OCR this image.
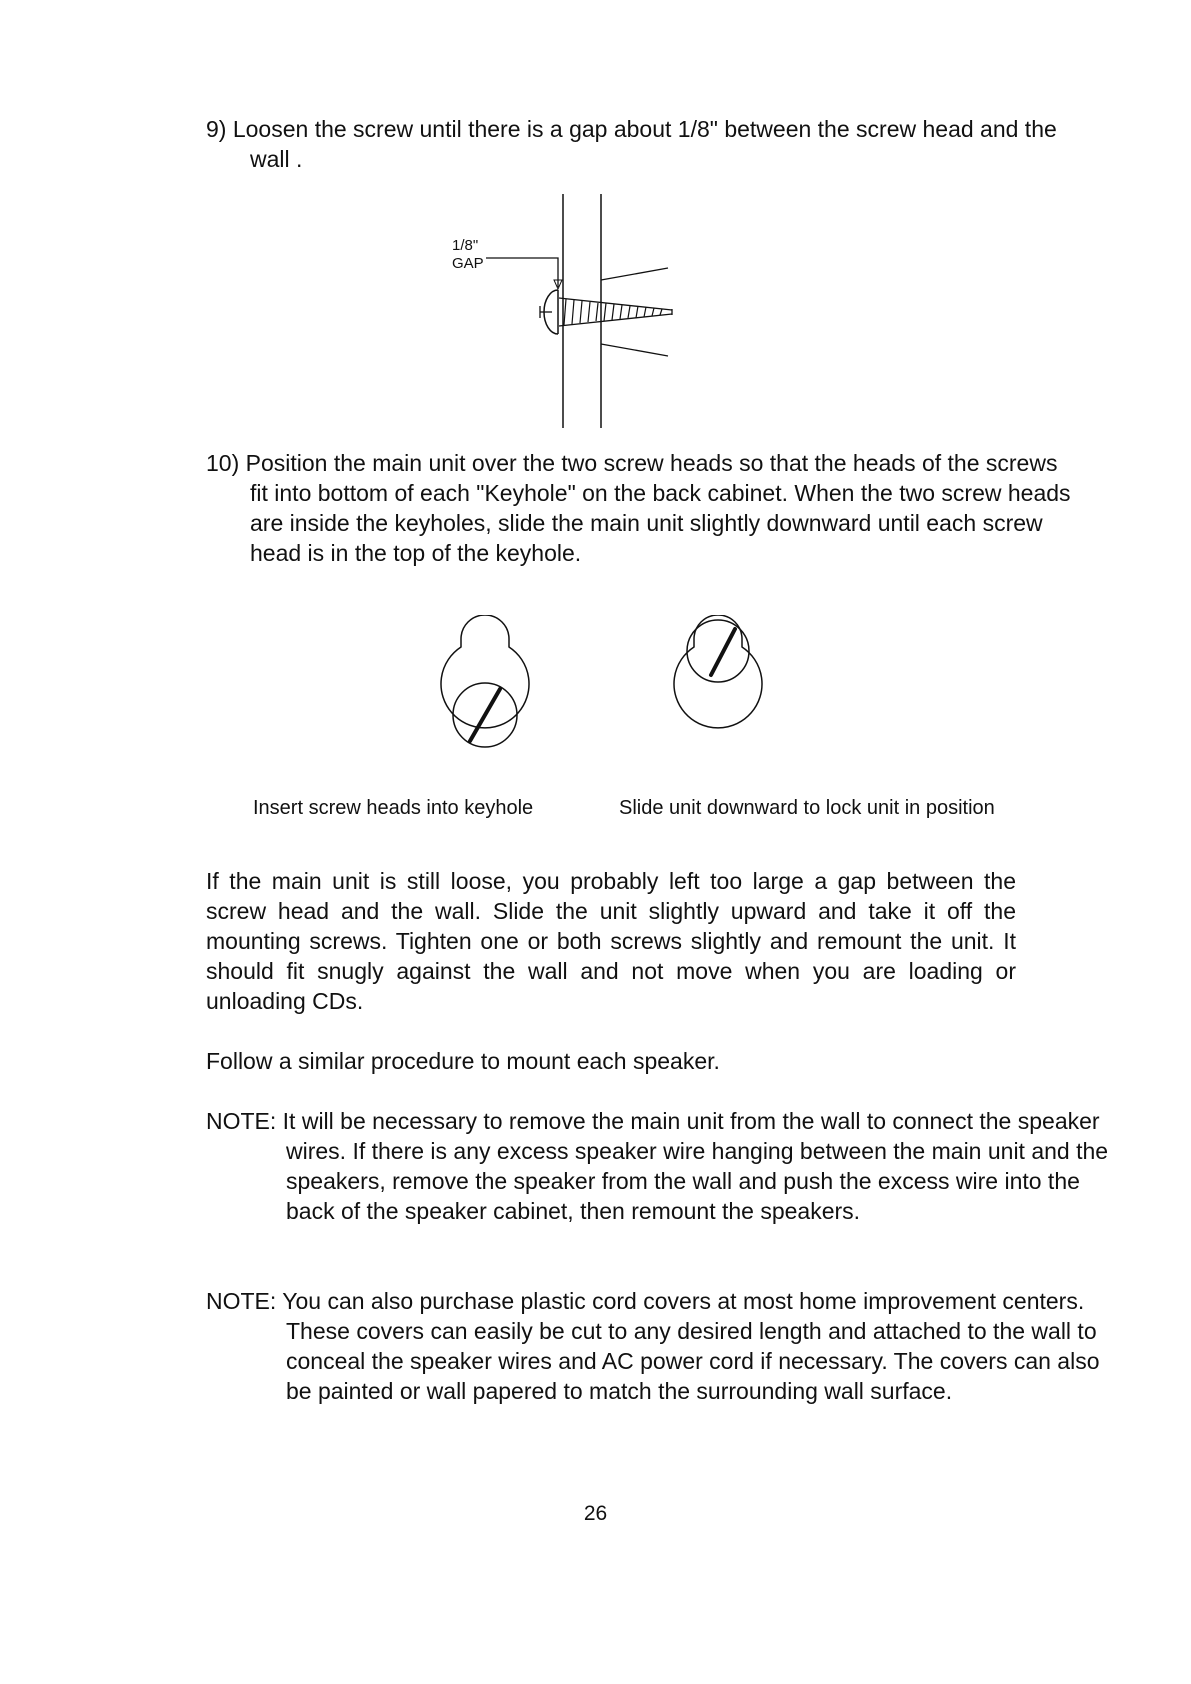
9) Loosen the screw until there is a gap about 1/8" between the screw head and the wall .

1/8"
GAP

10) Position the main unit over the two screw heads so that the heads of the screws fit into bottom of each "Keyhole" on the back cabinet. When the two screw heads are inside the keyholes, slide the main unit slightly downward until each screw head is in the top of the keyhole.

Insert screw heads into keyhole	Slide unit downward to lock unit in position

If the main unit is still loose, you probably left too large a gap between the screw head and the wall. Slide the unit slightly upward and take it off the mounting screws. Tighten one or both screws slightly and remount the unit. It should fit snugly against the wall and not move when you are loading or unloading CDs.

Follow a similar procedure to mount each speaker.

NOTE: It will be necessary to remove the main unit from the wall to connect the speaker wires. If there is any excess speaker wire hanging between the main unit and the speakers, remove the speaker from the wall and push the excess wire into the back of the speaker cabinet, then remount the speakers.

NOTE: You can also purchase plastic cord covers at most home improvement centers. These covers can easily be cut to any desired length and attached to the wall to conceal the speaker wires and AC power cord if necessary. The covers can also be painted or wall papered to match the surrounding wall surface.

26
